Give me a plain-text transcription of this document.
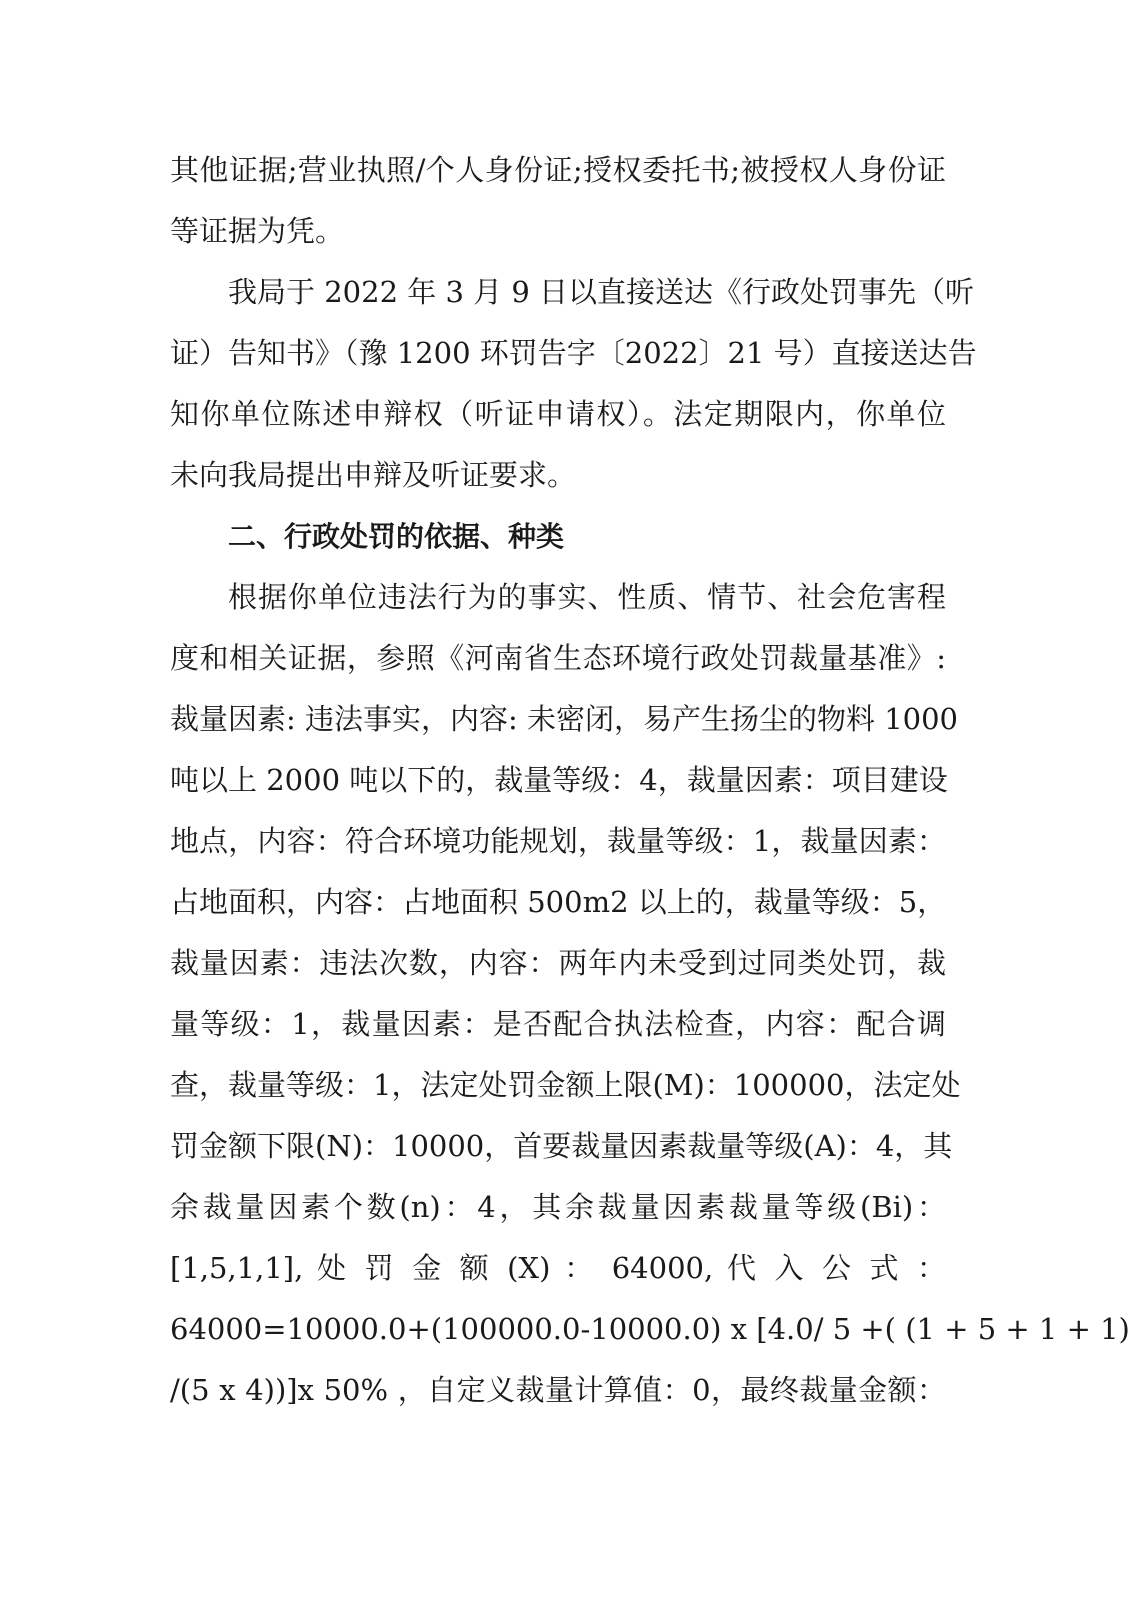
其他证据;营业执照/个人身份证;授权委托书;被授权人身份证
等证据为凭。
我局于 2022 年 3 月 9 日以直接送达《行政处罚事先（听
证）告知书》（豫 1200 环罚告字〔2022〕21 号）直接送达告
知你单位陈述申辩权（听证申请权）。法定期限内，你单位
未向我局提出申辩及听证要求。
二、行政处罚的依据、种类
根据你单位违法行为的事实、性质、情节、社会危害程
度和相关证据，参照《河南省生态环境行政处罚裁量基准》:
裁量因素: 违法事实，内容: 未密闭，易产生扬尘的物料 1000
吨以上 2000 吨以下的，裁量等级：4，裁量因素：项目建设
地点，内容：符合环境功能规划，裁量等级：1，裁量因素：
占地面积，内容：占地面积 500m2 以上的，裁量等级：5，
裁量因素：违法次数，内容：两年内未受到过同类处罚，裁
量等级：1，裁量因素：是否配合执法检查，内容：配合调
查，裁量等级：1，法定处罚金额上限(M)：100000，法定处
罚金额下限(N)：10000，首要裁量因素裁量等级(A)：4，其
余裁量因素个数(n)：4，其余裁量因素裁量等级(Bi)：
[1,5,1,1], 处 罚 金 额 (X) ： 64000, 代 入 公 式 ：
64000=10000.0+(100000.0-10000.0) x [4.0/ 5 +( (1 + 5 + 1 + 1)
/(5 x 4))]x 50% ，自定义裁量计算值：0，最终裁量金额：
